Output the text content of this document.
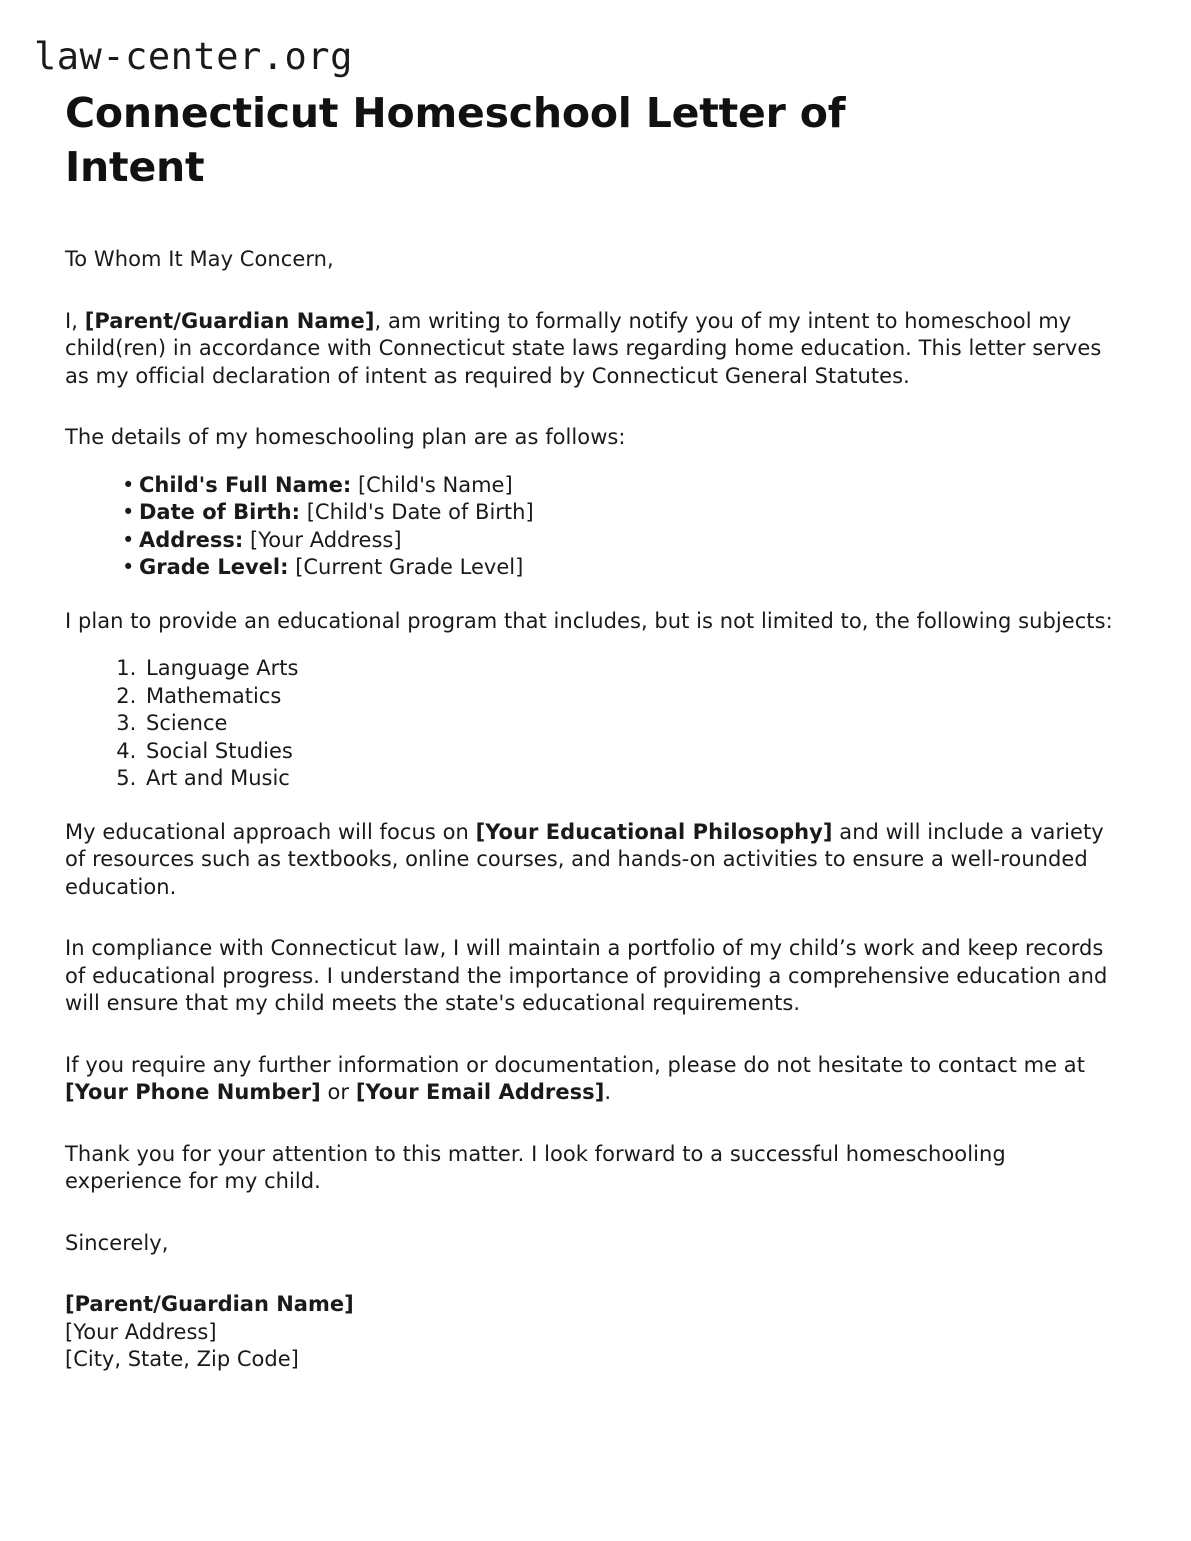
law-center.org
Connecticut Homeschool Letter of Intent

To Whom It May Concern,

I, [Parent/Guardian Name], am writing to formally notify you of my intent to homeschool my child(ren) in accordance with Connecticut state laws regarding home education. This letter serves as my official declaration of intent as required by Connecticut General Statutes.

The details of my homeschooling plan are as follows:

• Child's Full Name: [Child's Name]
• Date of Birth: [Child's Date of Birth]
• Address: [Your Address]
• Grade Level: [Current Grade Level]

I plan to provide an educational program that includes, but is not limited to, the following subjects:

1. Language Arts
2. Mathematics
3. Science
4. Social Studies
5. Art and Music

My educational approach will focus on [Your Educational Philosophy] and will include a variety of resources such as textbooks, online courses, and hands-on activities to ensure a well-rounded education.

In compliance with Connecticut law, I will maintain a portfolio of my child’s work and keep records of educational progress. I understand the importance of providing a comprehensive education and will ensure that my child meets the state's educational requirements.

If you require any further information or documentation, please do not hesitate to contact me at [Your Phone Number] or [Your Email Address].

Thank you for your attention to this matter. I look forward to a successful homeschooling experience for my child.

Sincerely,

[Parent/Guardian Name]
[Your Address]
[City, State, Zip Code]
